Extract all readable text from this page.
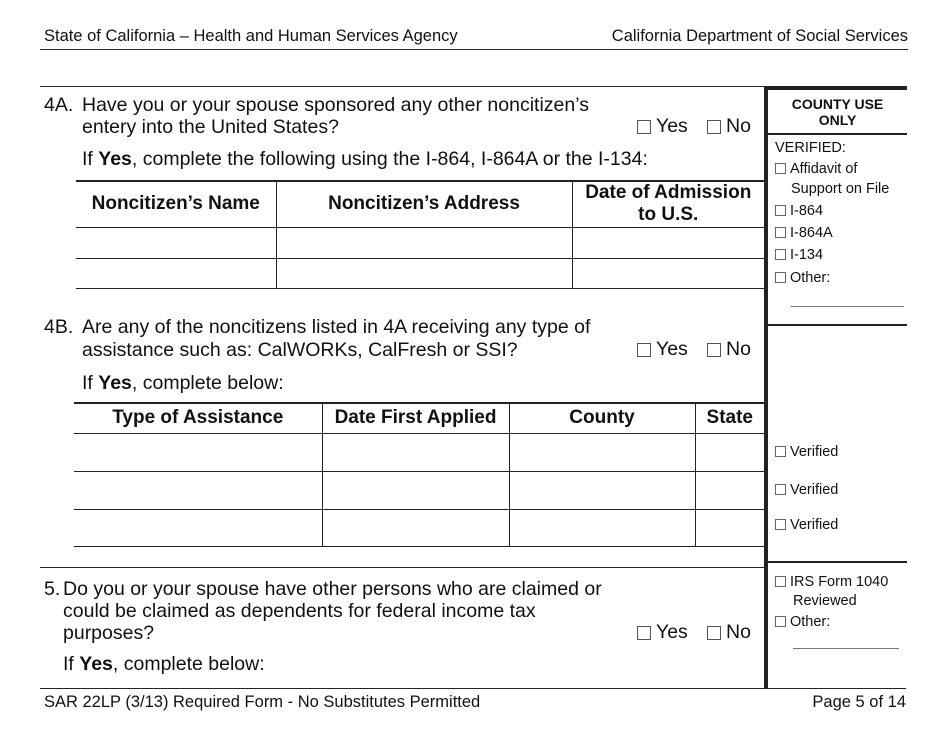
State of California – Health and Human Services Agency	California Department of Social Services
4A. Have you or your spouse sponsored any other noncitizen’s
entery into the United States?	Yes No
If Yes, complete the following using the I-864, I-864A or the I-134:
Noncitizen’s Name	Noncitizen’s Address	Date of Admission
to U.S.

4B. Are any of the noncitizens listed in 4A receiving any type of
assistance such as: CalWORKs, CalFresh or SSI?	Yes No
If Yes, complete below:
Type of Assistance	Date First Applied	County	State

5. Do you or your spouse have other persons who are claimed or
could be claimed as dependents for federal income tax
purposes?	Yes No
If Yes, complete below:
COUNTY USE
ONLY
VERIFIED:
Affidavit of
Support on File
I-864
I-864A
I-134
Other:
Verified
Verified
Verified
IRS Form 1040
Reviewed
Other:
SAR 22LP (3/13) Required Form - No Substitutes Permitted	Page 5 of 14
